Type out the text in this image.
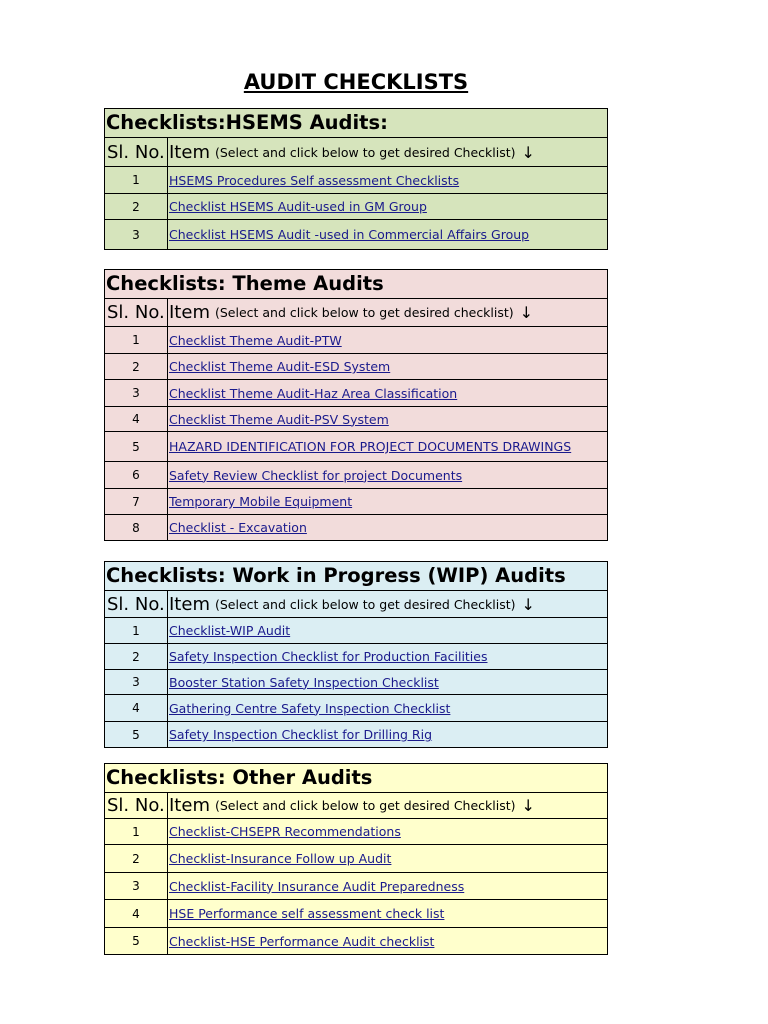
AUDIT CHECKLISTS
Checklists:HSEMS Audits:
Sl. No. Item (Select and click below to get desired Checklist) ↓
1	HSEMS Procedures Self assessment Checklists
2	Checklist HSEMS Audit-used in GM Group
3	Checklist HSEMS Audit -used in Commercial Affairs Group
Checklists: Theme Audits
Sl. No. Item (Select and click below to get desired checklist) ↓
1	Checklist Theme Audit-PTW
2	Checklist Theme Audit-ESD System
3	Checklist Theme Audit-Haz Area Classification
4	Checklist Theme Audit-PSV System
5	HAZARD IDENTIFICATION FOR PROJECT DOCUMENTS DRAWINGS
6	Safety Review Checklist for project Documents
7	Temporary Mobile Equipment
8	Checklist - Excavation
Checklists: Work in Progress (WIP) Audits
Sl. No. Item (Select and click below to get desired Checklist) ↓
1	Checklist-WIP Audit
2	Safety Inspection Checklist for Production Facilities
3	Booster Station Safety Inspection Checklist
4	Gathering Centre Safety Inspection Checklist
5	Safety Inspection Checklist for Drilling Rig
Checklists: Other Audits
Sl. No. Item (Select and click below to get desired Checklist) ↓
1	Checklist-CHSEPR Recommendations
2	Checklist-Insurance Follow up Audit
3	Checklist-Facility Insurance Audit Preparedness
4	HSE Performance self assessment check list
5	Checklist-HSE Performance Audit checklist
